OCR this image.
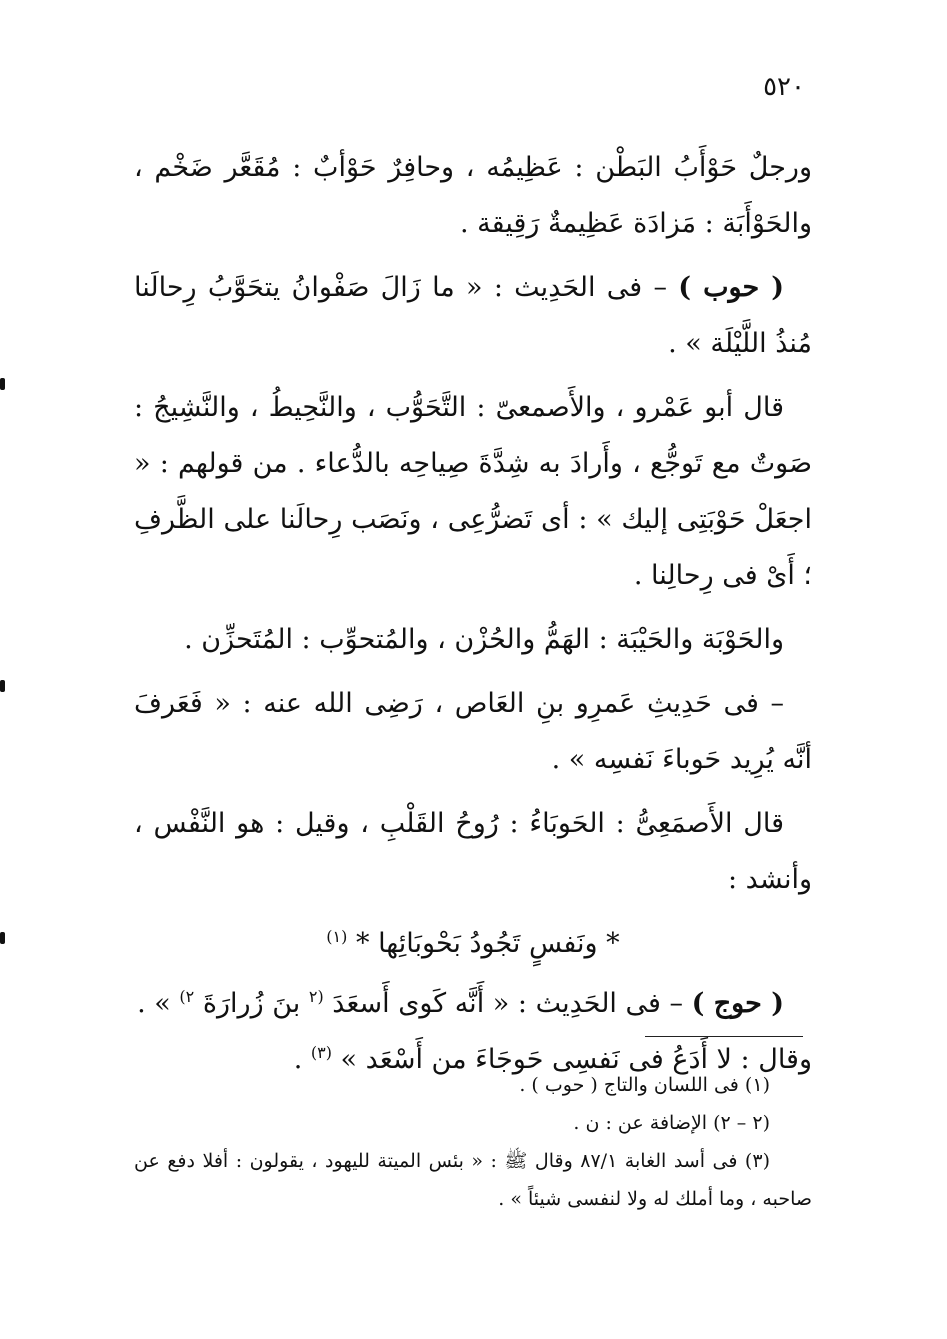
٥٢٠

ورجلٌ حَوْأَبُ البَطْن : عَظِيمُه ، وحافِرٌ حَوْأبٌ : مُقَعَّر ضَخْم ، والحَوْأَبَة : مَزادَة عَظِيمةٌ رَقِيقة .

( حوب ) – فى الحَدِيث : « ما زَالَ صَفْوانُ يتحَوَّبُ رِحالَنا مُنذُ اللَّيْلَة » .

قال أبو عَمْرو ، والأَصمعىّ : التَّحَوُّب ، والنَّحِيطُ ، والنَّشِيجُ : صَوتٌ مع تَوجُّع ، وأَرادَ به شِدَّةَ صِياحِه بالدُّعاء . من قولهم : « اجعَلْ حَوْبَتِى إليك » : أى تَضرُّعِى ، ونَصَب رِحالَنا على الظَّرفِ ؛ أَىْ فى رِحالِنا .

والحَوْبَة والحَيْبَة : الهَمُّ والحُزْن ، والمُتحوِّب : المُتَحزِّن .

– فى حَدِيثِ عَمرِو بنِ العَاص ، رَضِى الله عنه : « فَعَرفَ أنَّه يُرِيد حَوباءَ نَفسِه » .

قال الأَصمَعِىُّ : الحَوبَاءُ : رُوحُ القَلْبِ ، وقيل : هو النَّفْس ، وأنشد :

* ونَفسٍ تَجُودُ بَحْوبَائِها * $^{(١)}$

( حوج ) – فى الحَدِيث : « أَنَّه كَوى أَسعَدَ $^{(٢}$ بنَ زُرارَةَ $^{٢)}$ » .

وقال : لا أَدَعُ فى نَفسِى حَوجَاءَ من أَسْعَد » $^{(٣)}$ .

(١) فى اللسان والتاج ( حوب ) .

(٢ – ٢) الإضافة عن : ن .

(٣) فى أسد الغابة ٨٧/١ وقال ﷺ : « بئس الميتة لليهود ، يقولون : أفلا دفع عن صاحبه ، وما أملك له ولا لنفسى شيئاً » .
